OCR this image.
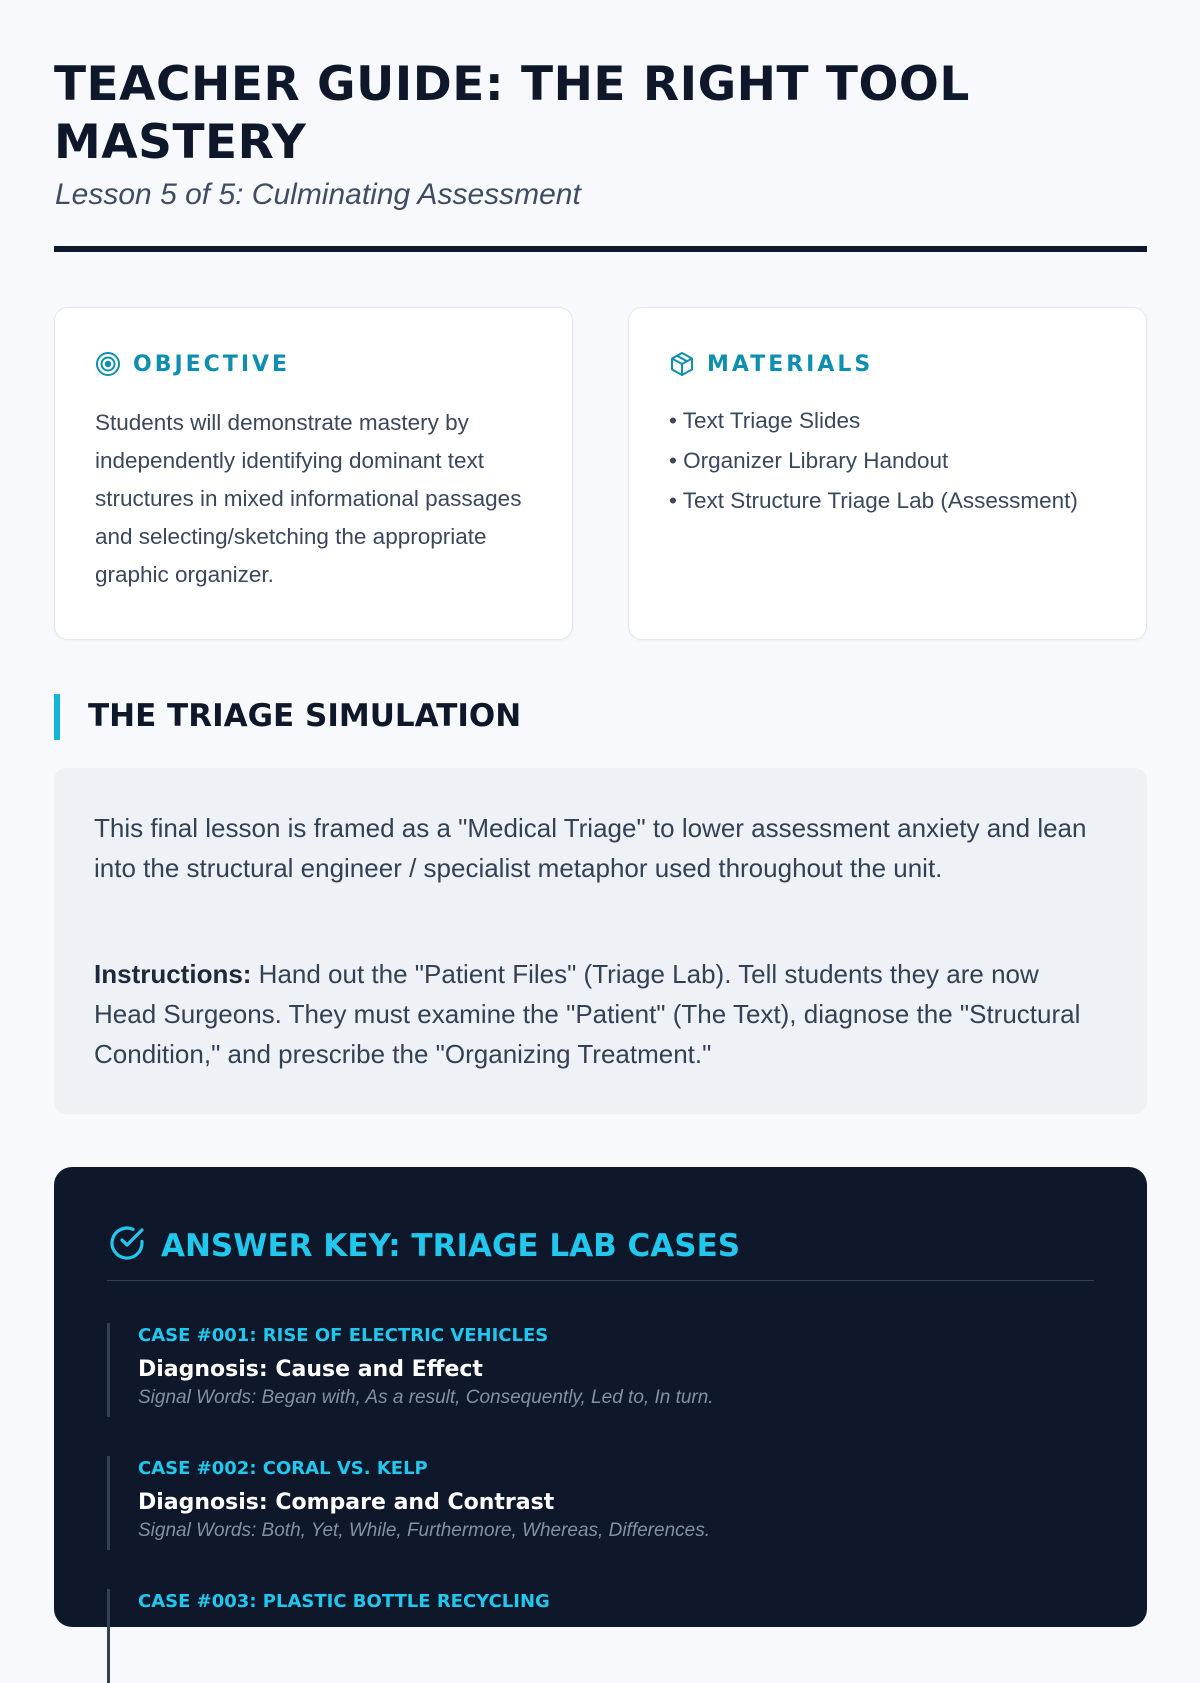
TEACHER GUIDE: THE RIGHT TOOL MASTERY
Lesson 5 of 5: Culminating Assessment
OBJECTIVE

Students will demonstrate mastery by independently identifying dominant text structures in mixed informational passages and selecting/sketching the appropriate graphic organizer.

MATERIALS
• Text Triage Slides
• Organizer Library Handout
• Text Structure Triage Lab (Assessment)
THE TRIAGE SIMULATION

This final lesson is framed as a "Medical Triage" to lower assessment anxiety and lean into the structural engineer / specialist metaphor used throughout the unit.

Instructions: Hand out the "Patient Files" (Triage Lab). Tell students they are now Head Surgeons. They must examine the "Patient" (The Text), diagnose the "Structural Condition," and prescribe the "Organizing Treatment."

ANSWER KEY: TRIAGE LAB CASES
CASE #001: RISE OF ELECTRIC VEHICLES
Diagnosis: Cause and Effect
Signal Words: Began with, As a result, Consequently, Led to, In turn.
CASE #002: CORAL VS. KELP
Diagnosis: Compare and Contrast
Signal Words: Both, Yet, While, Furthermore, Whereas, Differences.
CASE #003: PLASTIC BOTTLE RECYCLING
